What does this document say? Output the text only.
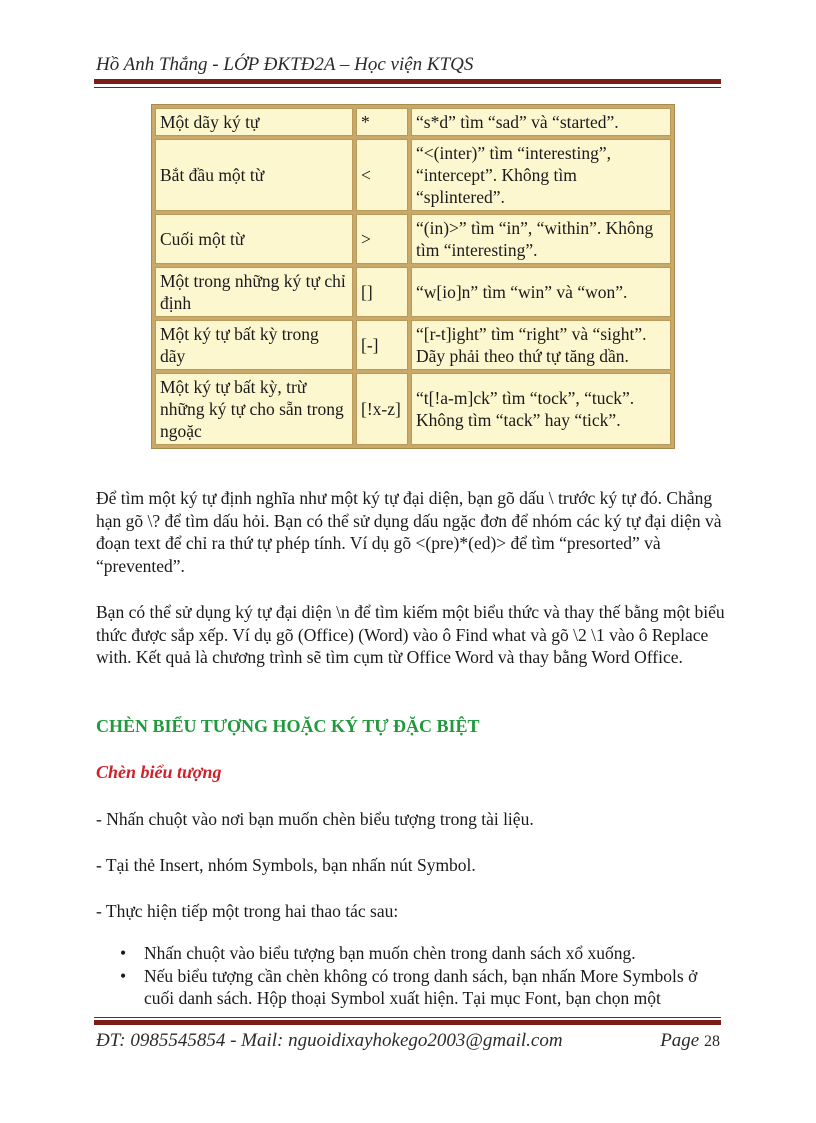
Hồ Anh Thắng - LỚP ĐKTĐ2A – Học viện KTQS
Một dãy ký tự	*	“s*d” tìm “sad” và “started”.
Bắt đầu một từ	<	“<(inter)” tìm “interesting”, “intercept”. Không tìm “splintered”.
Cuối một từ	>	“(in)>” tìm “in”, “within”. Không tìm “interesting”.
Một trong những ký tự chỉ định	[]	“w[io]n” tìm “win” và “won”.
Một ký tự bất kỳ trong dãy	[-]	“[r-t]ight” tìm “right” và “sight”. Dãy phải theo thứ tự tăng dần.
Một ký tự bất kỳ, trừ những ký tự cho sẵn trong ngoặc	[!x-z]	“t[!a-m]ck” tìm “tock”, “tuck”. Không tìm “tack” hay “tick”.
Để tìm một ký tự định nghĩa như một ký tự đại diện, bạn gõ dấu \ trước ký tự đó. Chẳng hạn gõ \? để tìm dấu hỏi. Bạn có thể sử dụng dấu ngặc đơn để nhóm các ký tự đại diện và đoạn text để chỉ ra thứ tự phép tính. Ví dụ gõ <(pre)*(ed)> để tìm “presorted” và “prevented”.
Bạn có thể sử dụng ký tự đại diện \n để tìm kiếm một biểu thức và thay thế bằng một biểu thức được sắp xếp. Ví dụ gõ (Office) (Word) vào ô Find what và gõ \2 \1 vào ô Replace with. Kết quả là chương trình sẽ tìm cụm từ Office Word và thay bằng Word Office.
CHÈN BIỂU TƯỢNG HOẶC KÝ TỰ ĐẶC BIỆT
Chèn biểu tượng
- Nhấn chuột vào nơi bạn muốn chèn biểu tượng trong tài liệu.
- Tại thẻ Insert, nhóm Symbols, bạn nhấn nút Symbol.
- Thực hiện tiếp một trong hai thao tác sau:
• Nhấn chuột vào biểu tượng bạn muốn chèn trong danh sách xổ xuống.
• Nếu biểu tượng cần chèn không có trong danh sách, bạn nhấn More Symbols ở cuối danh sách. Hộp thoại Symbol xuất hiện. Tại mục Font, bạn chọn một
ĐT: 0985545854 - Mail: nguoidixayhokego2003@gmail.com	Page 28
